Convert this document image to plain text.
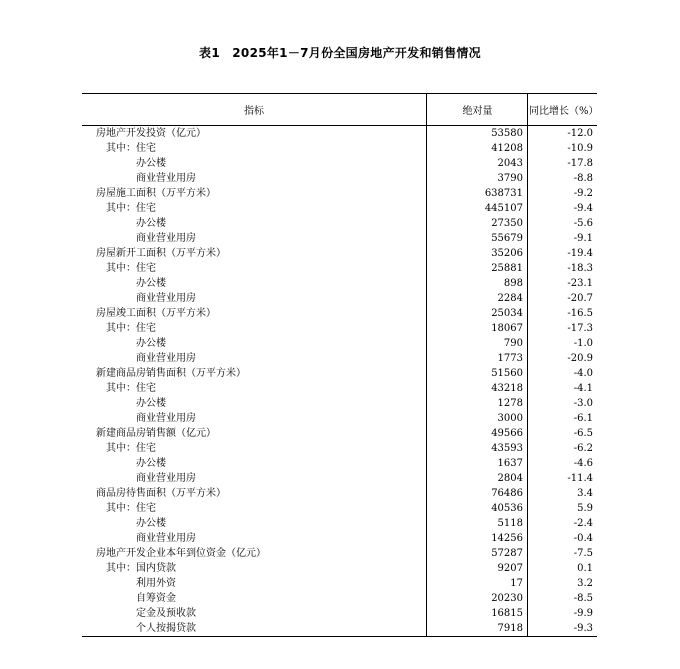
表1　2025年1－7月份全国房地产开发和销售情况
指标	绝对量	同比增长（%）
房地产开发投资（亿元）	53580	-12.0
其中：住宅	41208	-10.9
办公楼	2043	-17.8
商业营业用房	3790	-8.8
房屋施工面积（万平方米）	638731	-9.2
其中：住宅	445107	-9.4
办公楼	27350	-5.6
商业营业用房	55679	-9.1
房屋新开工面积（万平方米）	35206	-19.4
其中：住宅	25881	-18.3
办公楼	898	-23.1
商业营业用房	2284	-20.7
房屋竣工面积（万平方米）	25034	-16.5
其中：住宅	18067	-17.3
办公楼	790	-1.0
商业营业用房	1773	-20.9
新建商品房销售面积（万平方米）	51560	-4.0
其中：住宅	43218	-4.1
办公楼	1278	-3.0
商业营业用房	3000	-6.1
新建商品房销售额（亿元）	49566	-6.5
其中：住宅	43593	-6.2
办公楼	1637	-4.6
商业营业用房	2804	-11.4
商品房待售面积（万平方米）	76486	3.4
其中：住宅	40536	5.9
办公楼	5118	-2.4
商业营业用房	14256	-0.4
房地产开发企业本年到位资金（亿元）	57287	-7.5
其中：国内贷款	9207	0.1
利用外资	17	3.2
自筹资金	20230	-8.5
定金及预收款	16815	-9.9
个人按揭贷款	7918	-9.3
